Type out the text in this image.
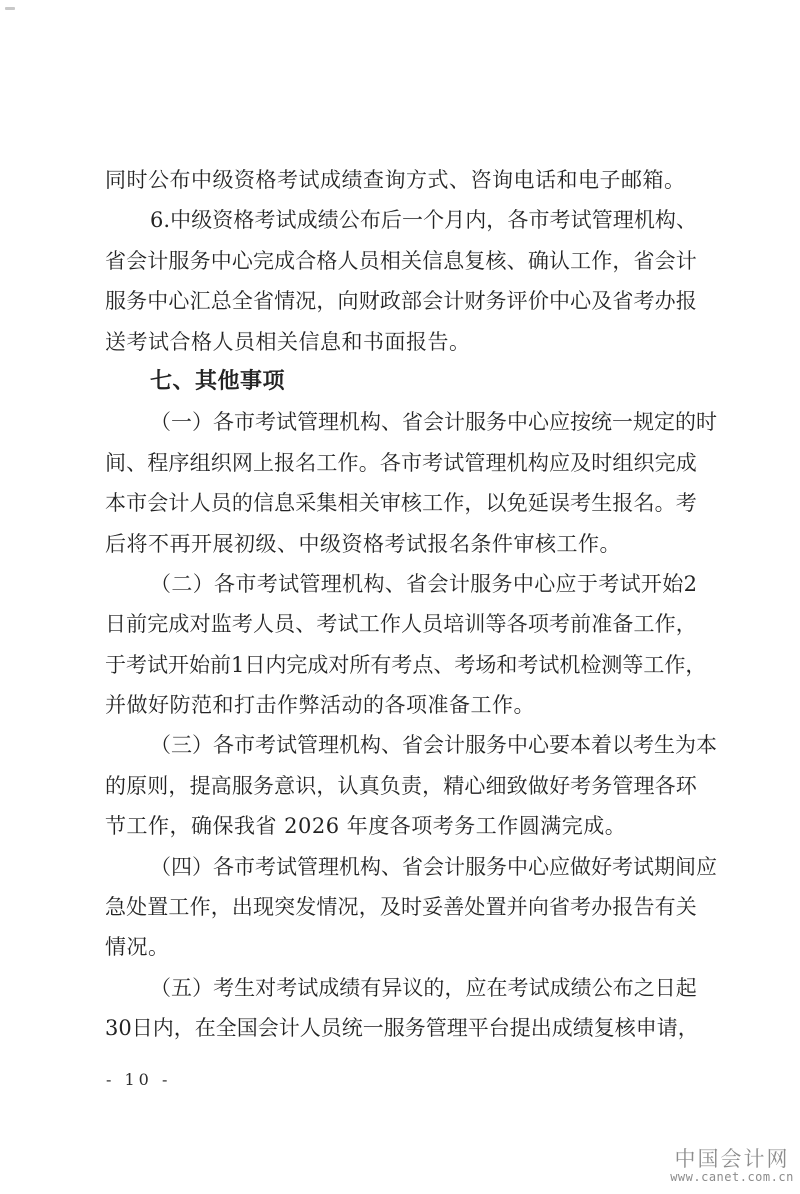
同时公布中级资格考试成绩查询方式、咨询电话和电子邮箱。
6. 中 级 资 格 考 试 成 绩 公 布 后 一 个 月 内 ， 各 市 考 试 管 理 机 构 、
省 会 计 服 务 中 心 完 成 合 格 人 员 相 关 信 息 复 核 、 确 认 工 作 ， 省 会 计
服 务 中 心 汇 总 全 省 情 况 ， 向 财 政 部 会 计 财 务 评 价 中 心 及 省 考 办 报
送考试合格人员相关信息和书面报告。
七、其他事项
（ 一 ） 各 市 考 试 管 理 机 构 、 省 会 计 服 务 中 心 应 按 统 一 规 定 的 时
间 、 程 序 组 织 网 上 报 名 工 作 。 各 市 考 试 管 理 机 构 应 及 时 组 织 完 成
本 市 会 计 人 员 的 信 息 采 集 相 关 审 核 工 作 ， 以 免 延 误 考 生 报 名 。 考
后将不再开展初级、中级资格考试报名条件审核工作。
（ 二 ） 各 市 考 试 管 理 机 构 、 省 会 计 服 务 中 心 应 于 考 试 开 始 2
日 前 完 成 对 监 考 人 员 、 考 试 工 作 人 员 培 训 等 各 项 考 前 准 备 工 作 ，
于 考 试 开 始 前 1 日 内 完 成 对 所 有 考 点 、 考 场 和 考 试 机 检 测 等 工 作 ，
并做好防范和打击作弊活动的各项准备工作。
（ 三 ） 各 市 考 试 管 理 机 构 、 省 会 计 服 务 中 心 要 本 着 以 考 生 为 本
的 原 则 ， 提 高 服 务 意 识 ， 认 真 负 责 ， 精 心 细 致 做 好 考 务 管 理 各 环
节工作，确保我省 2026 年度各项考务工作圆满完成。
（ 四 ） 各 市 考 试 管 理 机 构 、 省 会 计 服 务 中 心 应 做 好 考 试 期 间 应
急 处 置 工 作 ， 出 现 突 发 情 况 ， 及 时 妥 善 处 置 并 向 省 考 办 报 告 有 关
情况。
（ 五 ） 考 生 对 考 试 成 绩 有 异 议 的 ， 应 在 考 试 成 绩 公 布 之 日 起
30 日 内 ， 在 全 国 会 计 人 员 统 一 服 务 管 理 平 台 提 出 成 绩 复 核 申 请 ，
- 10 -
中国会计网
www.canet.com.cn
